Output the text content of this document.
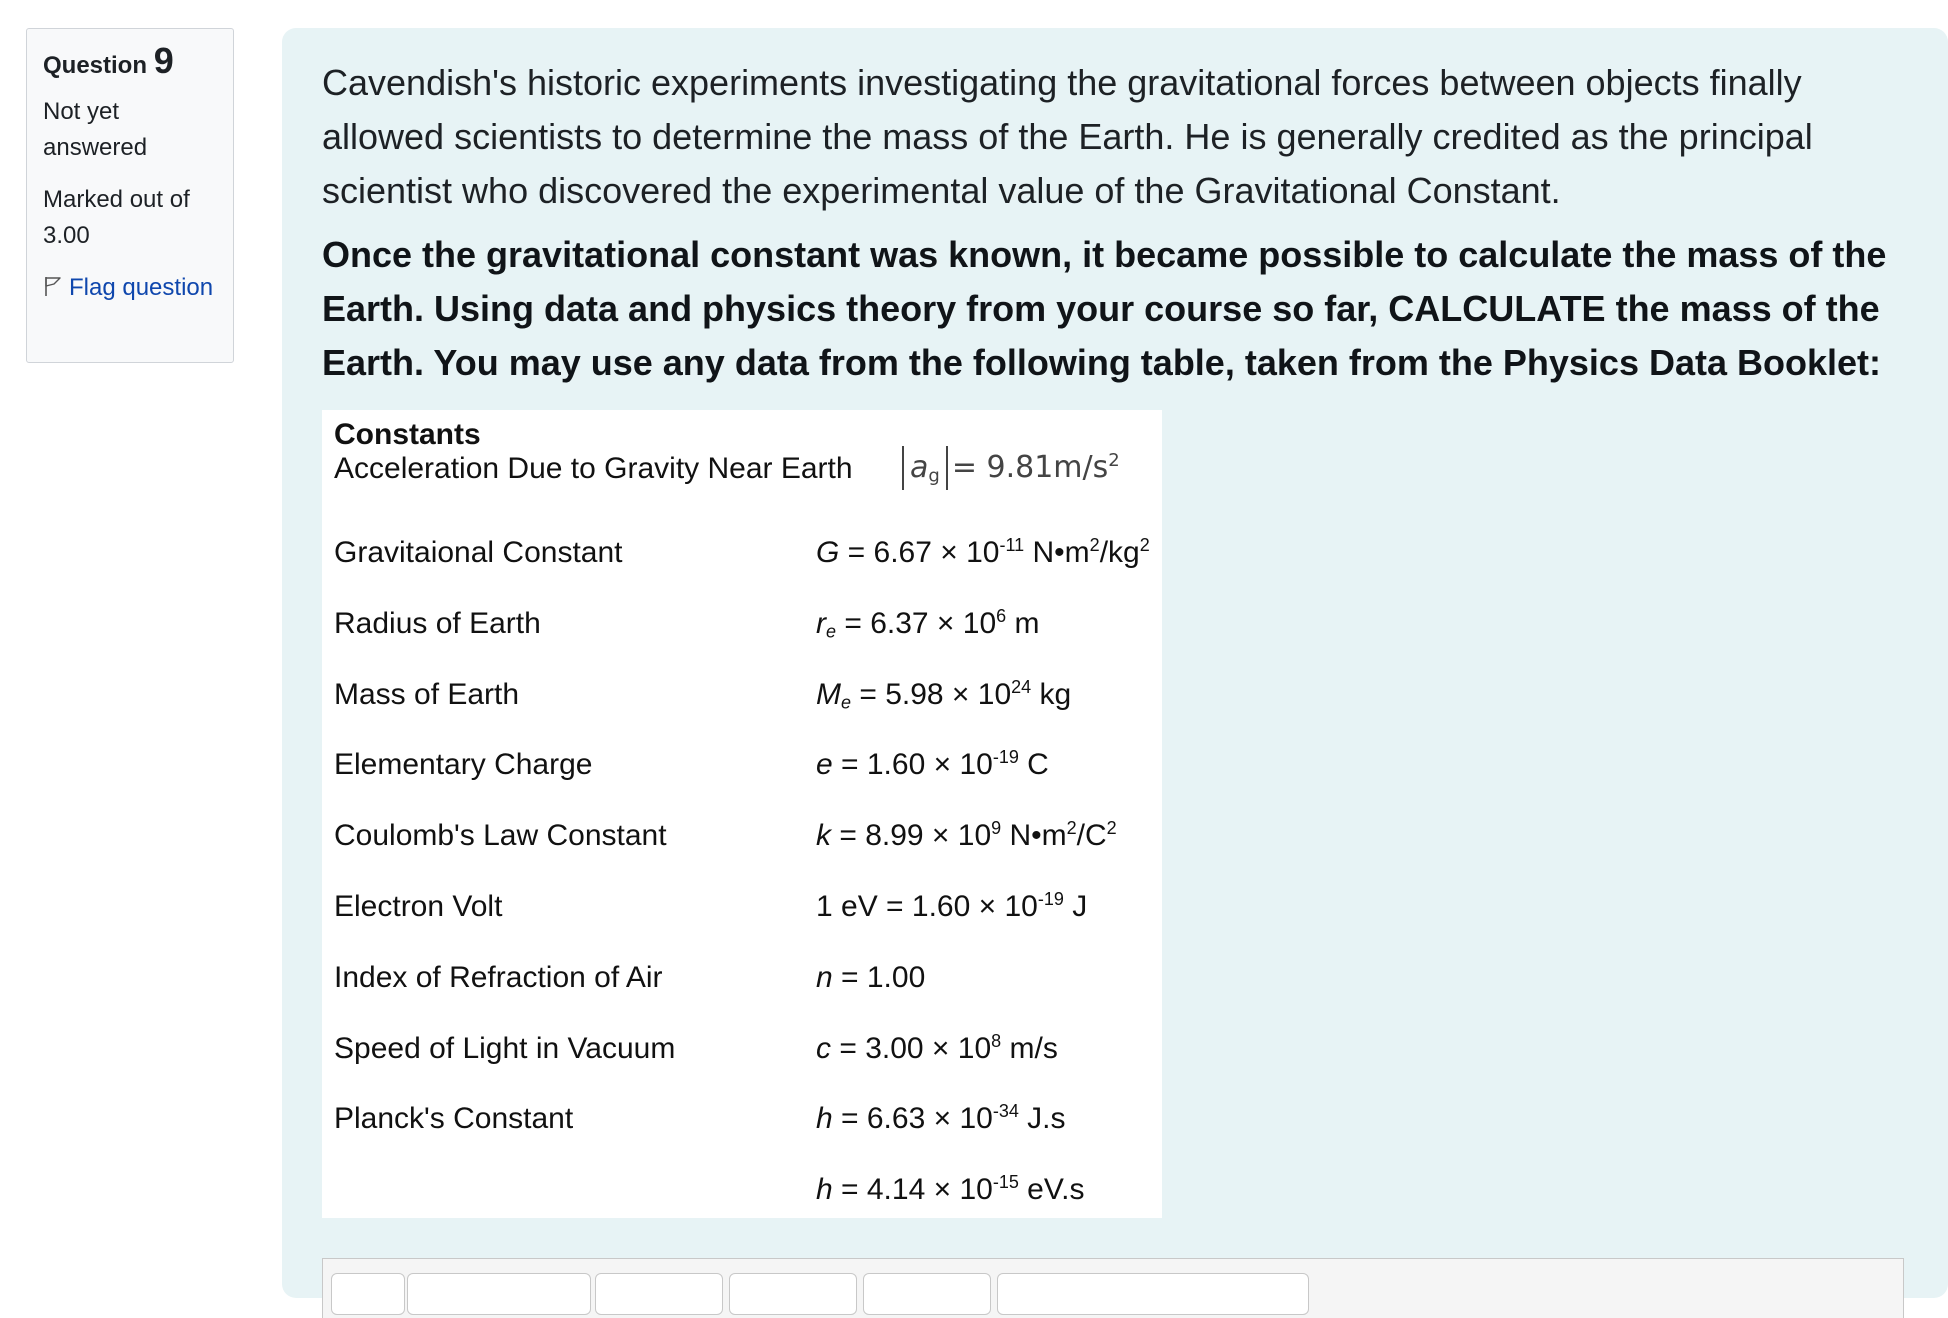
Question 9
Not yet answered
Marked out of 3.00
Flag question

Cavendish's historic experiments investigating the gravitational forces between objects finally allowed scientists to determine the mass of the Earth. He is generally credited as the principal scientist who discovered the experimental value of the Gravitational Constant.

Once the gravitational constant was known, it became possible to calculate the mass of the Earth. Using data and physics theory from your course so far, CALCULATE the mass of the Earth. You may use any data from the following table, taken from the Physics Data Booklet:

Constants
Acceleration Due to Gravity Near Earth $a_g = 9.81m/s^2$
Gravitaional Constant	$G = 6.67 \times 10^{-11}$ $N•m^2/kg^2$
Radius of Earth	$r_e = 6.37 \times 10^6$ m
Mass of Earth	$M_e = 5.98 \times 10^{24}$ kg
Elementary Charge	$e = 1.60 \times 10^{-19}$ C
Coulomb's Law Constant	$k = 8.99 \times 10^9$ $N•m^2/C^2$
Electron Volt	1 eV = $1.60 \times 10^{-19}$ J
Index of Refraction of Air	n = 1.00
Speed of Light in Vacuum	$c = 3.00 \times 10^8$ m/s
Planck's Constant	$h = 6.63 \times 10^{-34}$ J.s
$h = 4.14 \times 10^{-15}$ eV.s
